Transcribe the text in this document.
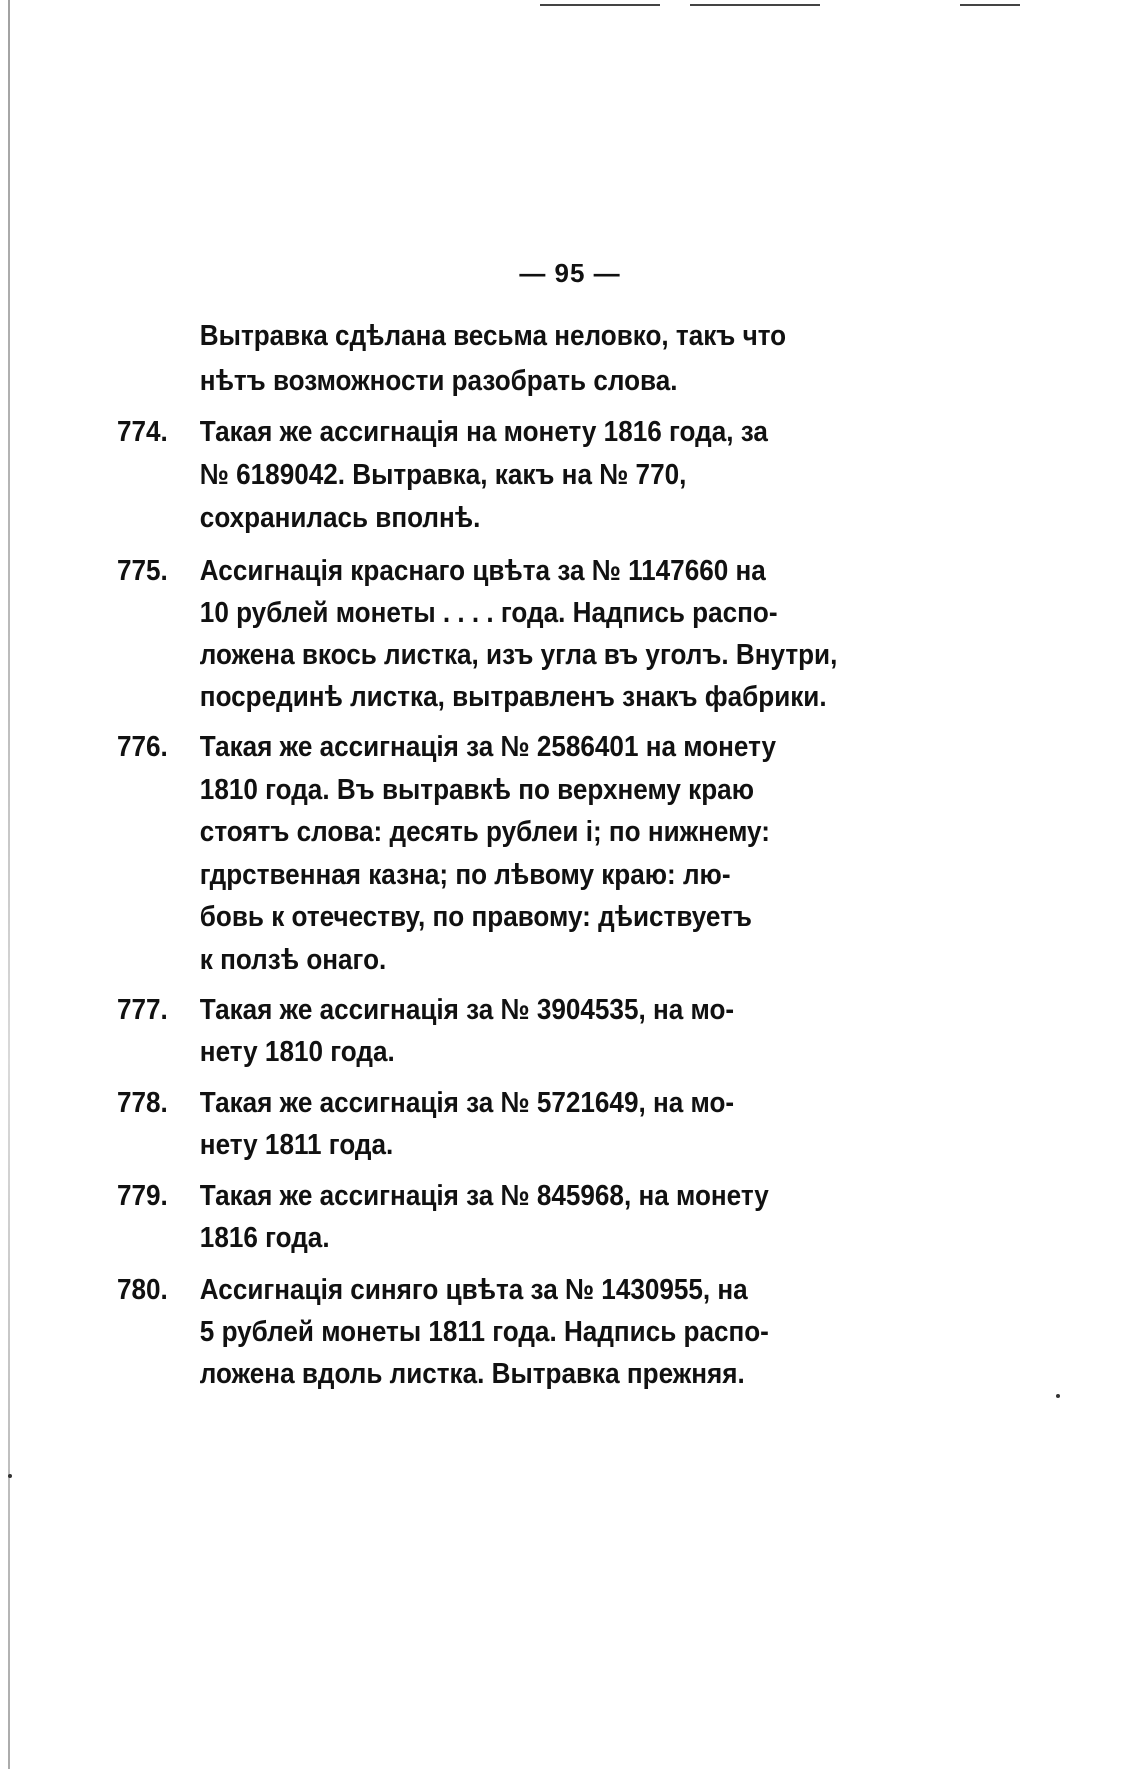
— 95 —
Вытравка сдѣлана весьма неловко, такъ что
нѣтъ возможности разобрать слова.
774. Такая же ассигнація на монету 1816 года, за
№ 6189042. Вытравка, какъ на № 770,
сохранилась вполнѣ.
775. Ассигнація краснаго цвѣта за № 1147660 на
10 рублей монеты . . . . года. Надпись распо-
ложена вкось листка, изъ угла въ уголъ. Внутри,
посрединѣ листка, вытравленъ знакъ фабрики.
776. Такая же ассигнація за № 2586401 на монету
1810 года. Въ вытравкѣ по верхнему краю
стоятъ слова: десять рублеи i; по нижнему:
гдрственная казна; по лѣвому краю: лю-
бовь к отечеству, по правому: дѣиствуетъ
к ползѣ онаго.
777. Такая же ассигнація за № 3904535, на мо-
нету 1810 года.
778. Такая же ассигнація за № 5721649, на мо-
нету 1811 года.
779. Такая же ассигнація за № 845968, на монету
1816 года.
780. Ассигнація синяго цвѣта за № 1430955, на
5 рублей монеты 1811 года. Надпись распо-
ложена вдоль листка. Вытравка прежняя.
